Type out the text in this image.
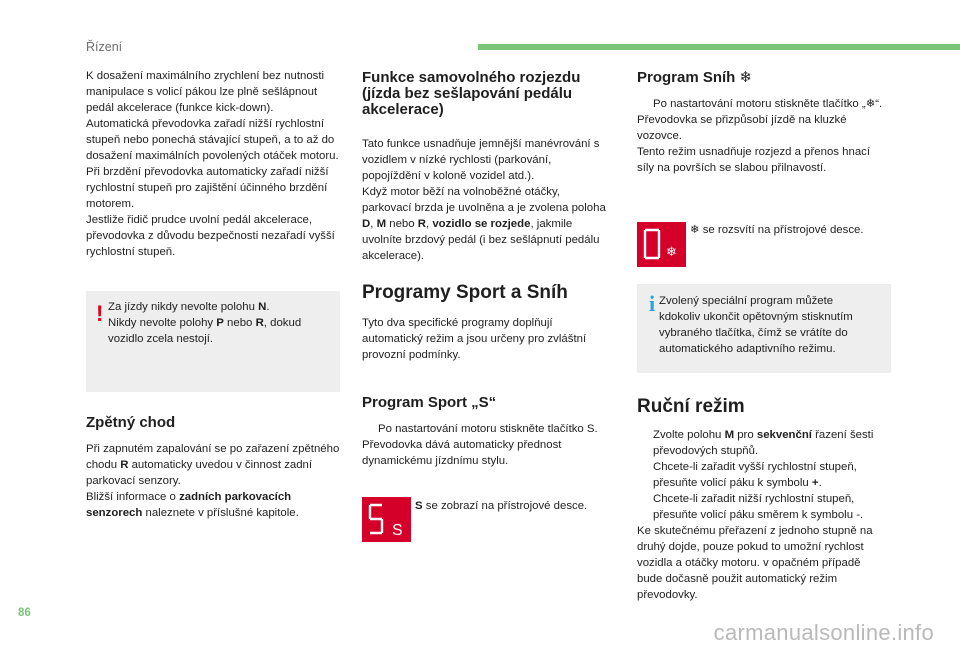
Řízení

K dosažení maximálního zrychlení bez nutnosti manipulace s volicí pákou lze plně sešlápnout pedál akcelerace (funkce kick-down).

Automatická převodovka zařadí nižší rychlostní stupeň nebo ponechá stávající stupeň, a to až do dosažení maximálních povolených otáček motoru.

Při brzdění převodovka automaticky zařadí nižší rychlostní stupeň pro zajištění účinného brzdění motorem.

Jestliže řidič prudce uvolní pedál akcelerace, převodovka z důvodu bezpečnosti nezařadí vyšší rychlostní stupeň.

! Za jízdy nikdy nevolte polohu N.
Nikdy nevolte polohy P nebo R, dokud vozidlo zcela nestojí.
Zpětný chod

Při zapnutém zapalování se po zařazení zpětného chodu R automaticky uvedou v činnost zadní parkovací senzory.

Bližší informace o zadních parkovacích senzorech naleznete v příslušné kapitole.

Funkce samovolného rozjezdu (jízda bez sešlapování pedálu akcelerace)

Tato funkce usnadňuje jemnější manévrování s vozidlem v nízké rychlosti (parkování, popojíždění v koloně vozidel atd.).

Když motor běží na volnoběžné otáčky, parkovací brzda je uvolněna a je zvolena poloha D, M nebo R, vozidlo se rozjede, jakmile uvolníte brzdový pedál (i bez sešlápnutí pedálu akcelerace).

Programy Sport a Sníh

Tyto dva specifické programy doplňují automatický režim a jsou určeny pro zvláštní provozní podmínky.

Program Sport „S“
Po nastartování motoru stiskněte tlačítko S.

Převodovka dává automaticky přednost dynamickému jízdnímu stylu.

S
S se zobrazí na přístrojové desce.
Program Sníh ❄
Po nastartování motoru stiskněte tlačítko „❄“.

Převodovka se přizpůsobí jízdě na kluzké vozovce.

Tento režim usnadňuje rozjezd a přenos hnací síly na površích se slabou přilnavostí.

❄
❄ se rozsvítí na přístrojové desce.
i Zvolený speciální program můžete kdokoliv ukončit opětovným stisknutím vybraného tlačítka, čímž se vrátíte do automatického adaptivního režimu.
Ruční režim
Zvolte polohu M pro sekvenční řazení šesti převodových stupňů.
Chcete-li zařadit vyšší rychlostní stupeň, přesuňte volicí páku k symbolu +.
Chcete-li zařadit nižší rychlostní stupeň, přesuňte volicí páku směrem k symbolu -.

Ke skutečnému přeřazení z jednoho stupně na druhý dojde, pouze pokud to umožní rychlost vozidla a otáčky motoru. v opačném případě bude dočasně použit automatický režim převodovky.

86
carmanualsonline.info
